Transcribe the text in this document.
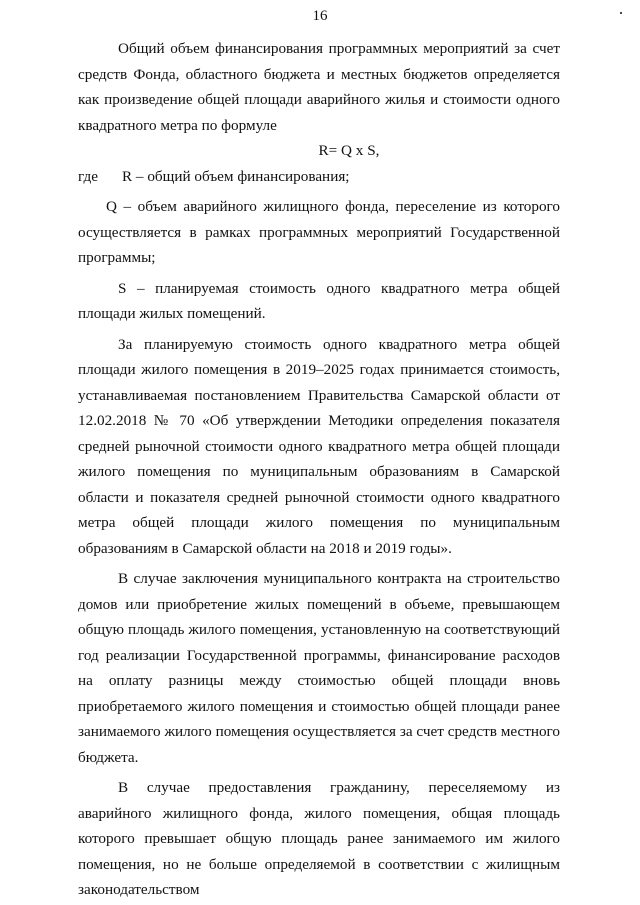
16

Общий объем финансирования программных мероприятий за счет средств Фонда, областного бюджета и местных бюджетов определяется как произведение общей площади аварийного жилья и стоимости одного квадратного метра по формуле

R= Q x S,

где R – общий объем финансирования;

Q – объем аварийного жилищного фонда, переселение из которого осуществляется в рамках программных мероприятий Государственной программы;

S – планируемая стоимость одного квадратного метра общей площади жилых помещений.

За планируемую стоимость одного квадратного метра общей площади жилого помещения в 2019–2025 годах принимается стоимость, устанавливаемая постановлением Правительства Самарской области от 12.02.2018 № 70 «Об утверждении Методики определения показателя средней рыночной стоимости одного квадратного метра общей площади жилого помещения по муниципальным образованиям в Самарской области и показателя средней рыночной стоимости одного квадратного метра общей площади жилого помещения по муниципальным образованиям в Самарской области на 2018 и 2019 годы».

В случае заключения муниципального контракта на строительство домов или приобретение жилых помещений в объеме, превышающем общую площадь жилого помещения, установленную на соответствующий год реализации Государственной программы, финансирование расходов на оплату разницы между стоимостью общей площади вновь приобретаемого жилого помещения и стоимостью общей площади ранее занимаемого жилого помещения осуществляется за счет средств местного бюджета.

В случае предоставления гражданину, переселяемому из аварийного жилищного фонда, жилого помещения, общая площадь которого превышает общую площадь ранее занимаемого им жилого помещения, но не больше определяемой в соответствии с жилищным законодательством
